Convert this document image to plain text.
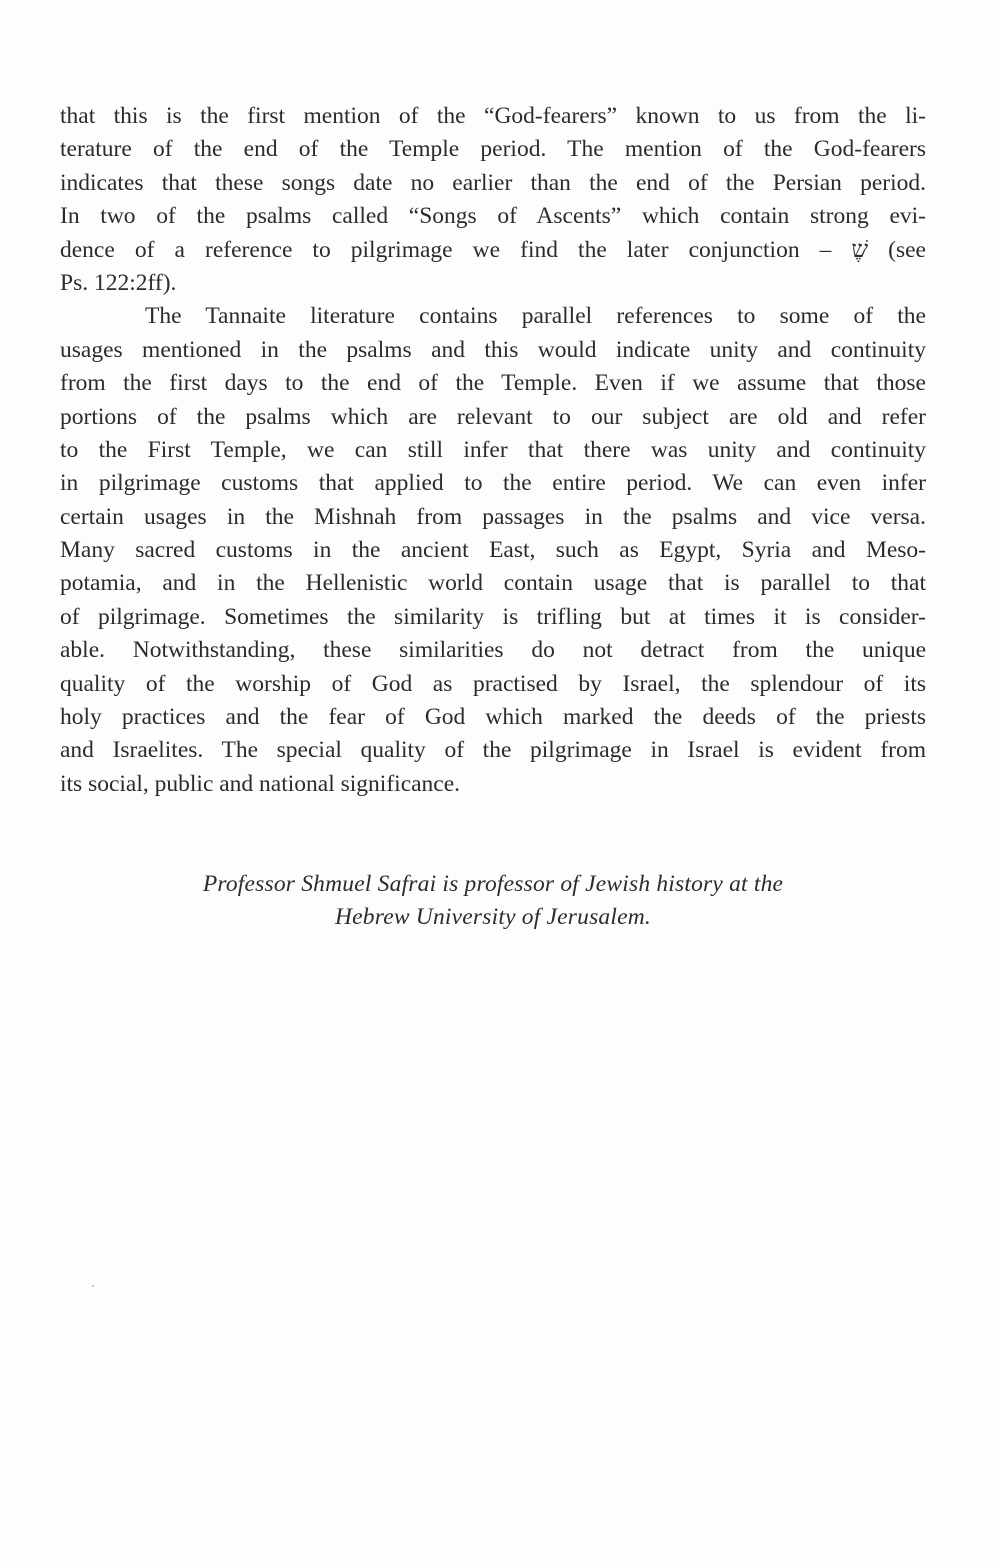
that this is the first mention of the “God-fearers” known to us from the li-
terature of the end of the Temple period. The mention of the God-fearers
indicates that these songs date no earlier than the end of the Persian period.
In two of the psalms called “Songs of Ascents” which contain strong evi-
dence of a reference to pilgrimage we find the later conjunction – שֶׁ (see
Ps. 122:2ff).
The Tannaite literature contains parallel references to some of the
usages mentioned in the psalms and this would indicate unity and continuity
from the first days to the end of the Temple. Even if we assume that those
portions of the psalms which are relevant to our subject are old and refer
to the First Temple, we can still infer that there was unity and continuity
in pilgrimage customs that applied to the entire period. We can even infer
certain usages in the Mishnah from passages in the psalms and vice versa.
Many sacred customs in the ancient East, such as Egypt, Syria and Meso-
potamia, and in the Hellenistic world contain usage that is parallel to that
of pilgrimage. Sometimes the similarity is trifling but at times it is consider-
able. Notwithstanding, these similarities do not detract from the unique
quality of the worship of God as practised by Israel, the splendour of its
holy practices and the fear of God which marked the deeds of the priests
and Israelites. The special quality of the pilgrimage in Israel is evident from
its social, public and national significance.
Professor Shmuel Safrai is professor of Jewish history at the
Hebrew University of Jerusalem.
